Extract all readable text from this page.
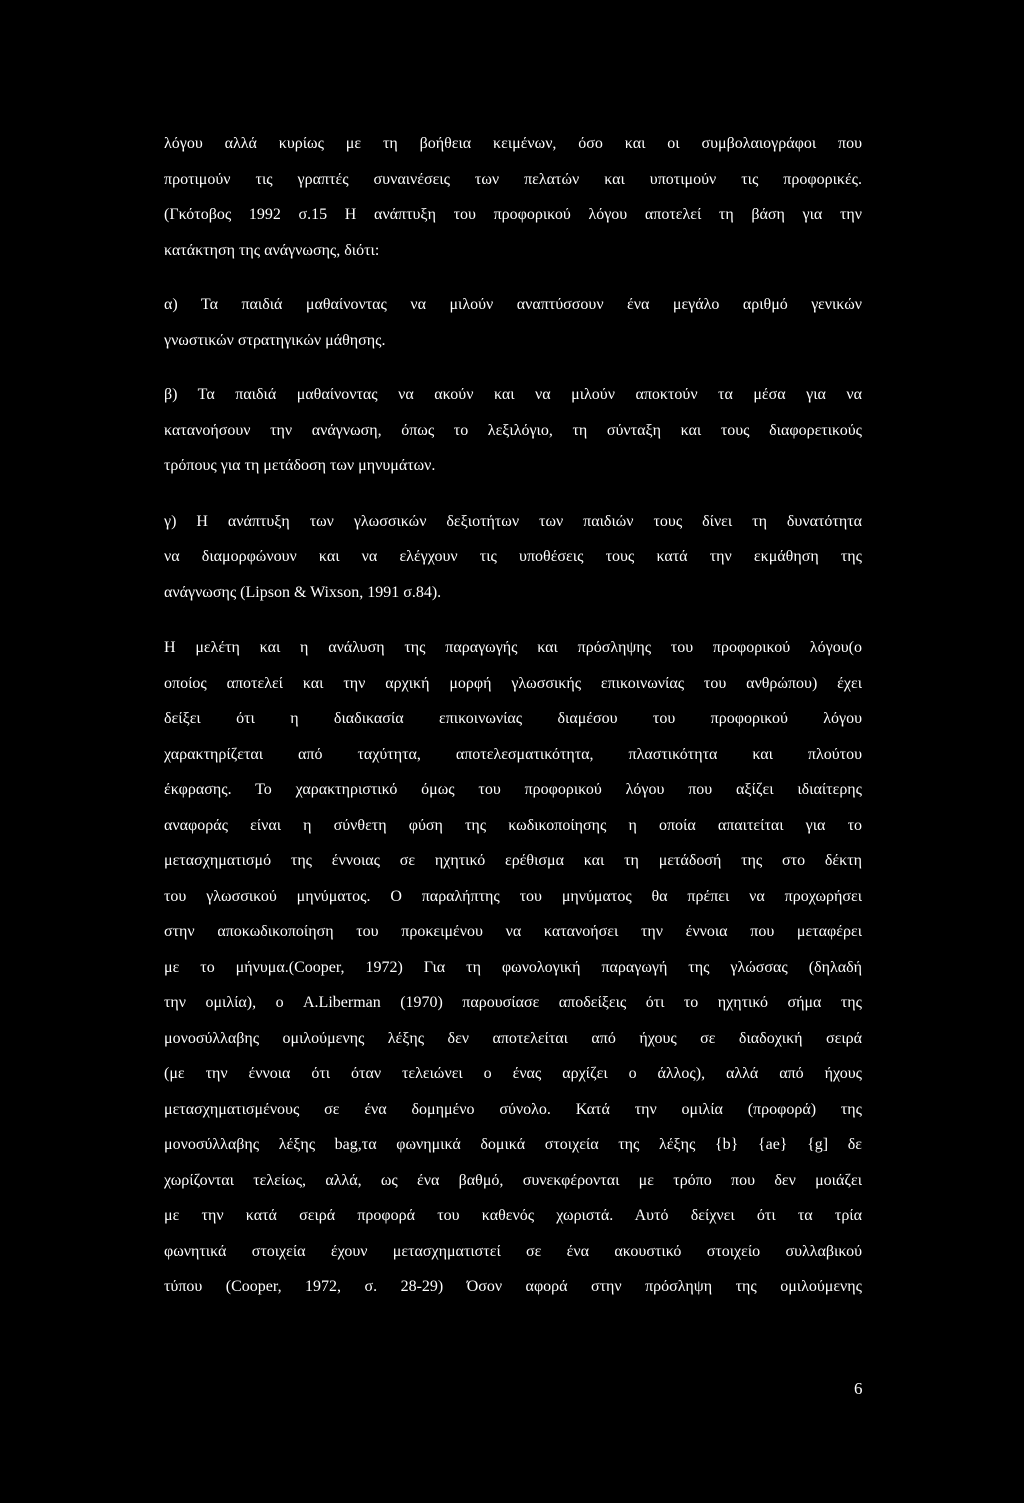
λόγου αλλά κυρίως με τη βοήθεια κειμένων, όσο και οι συμβολαιογράφοι που
προτιμούν τις γραπτές συναινέσεις των πελατών και υποτιμούν τις προφορικές.
(Γκότοβος 1992 σ.15 Η ανάπτυξη του προφορικού λόγου αποτελεί τη βάση για την
κατάκτηση της ανάγνωσης, διότι:

α) Τα παιδιά μαθαίνοντας να μιλούν αναπτύσσουν ένα μεγάλο αριθμό γενικών
γνωστικών στρατηγικών μάθησης.

β) Τα παιδιά μαθαίνοντας να ακούν και να μιλούν αποκτούν τα μέσα για να
κατανοήσουν την ανάγνωση, όπως το λεξιλόγιο, τη σύνταξη και τους διαφορετικούς
τρόπους για τη μετάδοση των μηνυμάτων.

γ) Η ανάπτυξη των γλωσσικών δεξιοτήτων των παιδιών τους δίνει τη δυνατότητα
να διαμορφώνουν και να ελέγχουν τις υποθέσεις τους κατά την εκμάθηση της
ανάγνωσης (Lipson & Wixson, 1991 σ.84).

Η μελέτη και η ανάλυση της παραγωγής και πρόσληψης του προφορικού λόγου(ο
οποίος αποτελεί και την αρχική μορφή γλωσσικής επικοινωνίας του ανθρώπου) έχει
δείξει ότι η διαδικασία επικοινωνίας διαμέσου του προφορικού λόγου
χαρακτηρίζεται από ταχύτητα, αποτελεσματικότητα, πλαστικότητα και πλούτου
έκφρασης. Το χαρακτηριστικό όμως του προφορικού λόγου που αξίζει ιδιαίτερης
αναφοράς είναι η σύνθετη φύση της κωδικοποίησης η οποία απαιτείται για το
μετασχηματισμό της έννοιας σε ηχητικό ερέθισμα και τη μετάδοσή της στο δέκτη
του γλωσσικού μηνύματος. Ο παραλήπτης του μηνύματος θα πρέπει να προχωρήσει
στην αποκωδικοποίηση του προκειμένου να κατανοήσει την έννοια που μεταφέρει
με το μήνυμα.(Cooper, 1972) Για τη φωνολογική παραγωγή της γλώσσας (δηλαδή
την ομιλία), ο A.Liberman (1970) παρουσίασε αποδείξεις ότι το ηχητικό σήμα της
μονοσύλλαβης ομιλούμενης λέξης δεν αποτελείται από ήχους σε διαδοχική σειρά
(με την έννοια ότι όταν τελειώνει ο ένας αρχίζει ο άλλος), αλλά από ήχους
μετασχηματισμένους σε ένα δομημένο σύνολο. Κατά την ομιλία (προφορά) της
μονοσύλλαβης λέξης bag,τα φωνημικά δομικά στοιχεία της λέξης {b} {ae} {g] δε
χωρίζονται τελείως, αλλά, ως ένα βαθμό, συνεκφέρονται με τρόπο που δεν μοιάζει
με την κατά σειρά προφορά του καθενός χωριστά. Αυτό δείχνει ότι τα τρία
φωνητικά στοιχεία έχουν μετασχηματιστεί σε ένα ακουστικό στοιχείο συλλαβικού
τύπου (Cooper, 1972, σ. 28-29) Όσον αφορά στην πρόσληψη της ομιλούμενης

6
